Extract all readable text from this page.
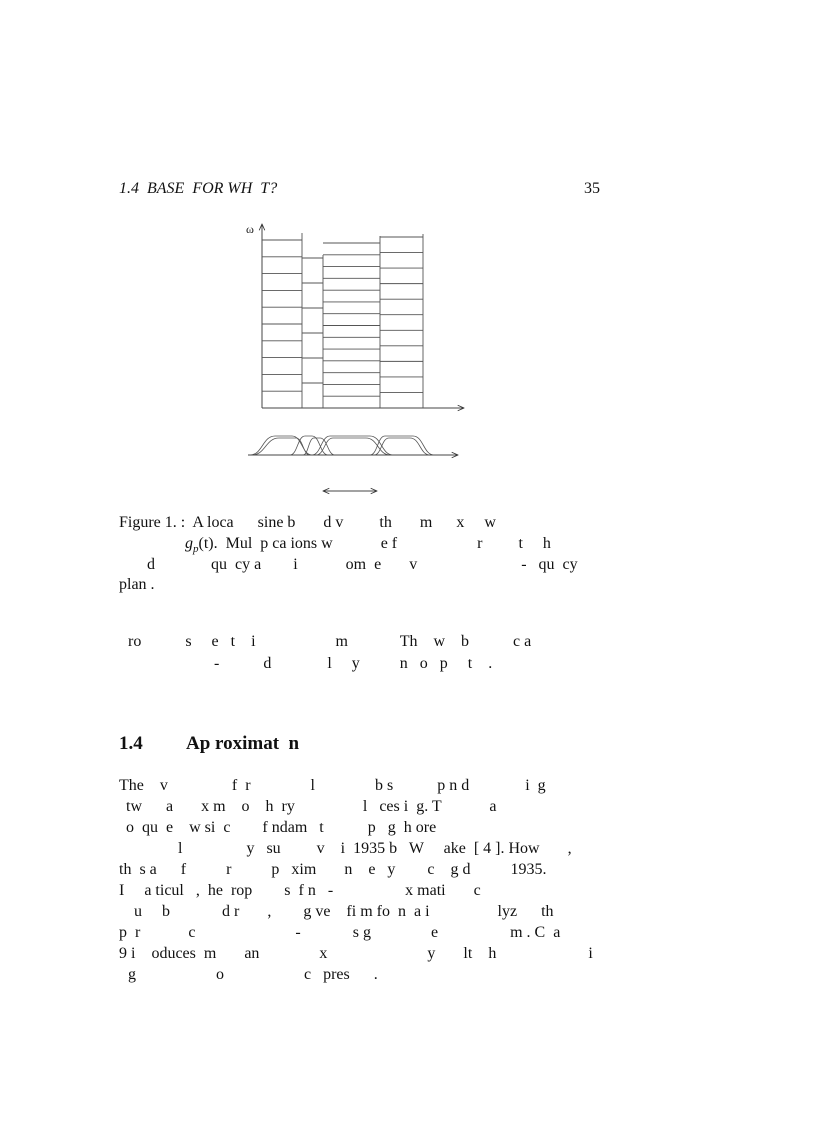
1.4  BASE  FOR WH  T?	35
ω
Figure 1. :  A loca      sine b       d v         th       m      x     w
$g_p(t)$.  Mul  p ca ions w            e f                    r         t     h
d              qu  cy a        i            om  e       v                          -   qu  cy
plan .
ro           s     e   t    i                    m             Th    w    b           c a
-           d              l     y          n   o   p     t    .
1.4 Ap roximat  n
The    v                f  r               l               b s           p n d              i  g
tw      a       x m    o    h  ry                 l   ces i  g. T            a
o  qu  e    w si  c        f ndam   t           p   g  h ore
l                y   su         v    i  1935 b   W     ake  [ 4 ]. How       ,
th  s a      f          r          p   xim       n    e   y        c    g d          1935.
I     a ticul   ,  he  rop        s  f n   -                  x mati       c
u     b             d r       ,        g ve    fi m fo  n  a i                 lyz      th
p  r            c                         -             s g               e                  m . C  a
9 i    oduces  m       an               x                         y       lt    h                       i
g                    o                    c   pres      .
